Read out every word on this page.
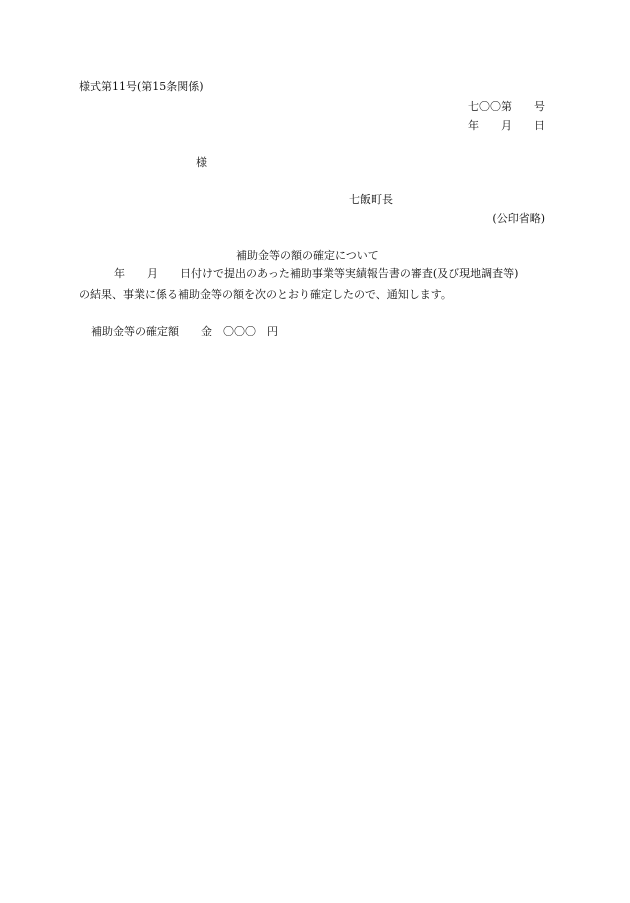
様式第11号(第15条関係)
七〇〇第　　号
年　　月　　日
様
七飯町長
(公印省略)
補助金等の額の確定について
年　　月　　日付けで提出のあった補助事業等実績報告書の審査(及び現地調査等)
の結果、事業に係る補助金等の額を次のとおり確定したので、通知します。
補助金等の確定額　　金　〇〇〇　円
